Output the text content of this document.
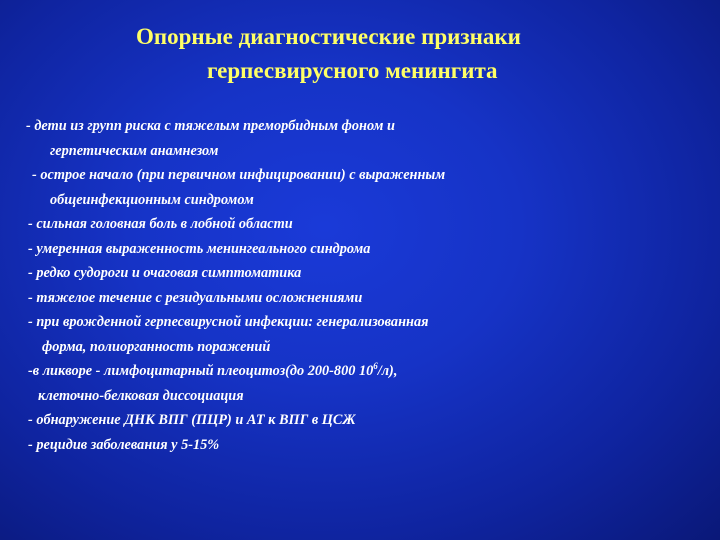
Опорные диагностические признаки
герпесвирусного менингита
- дети из групп риска с тяжелым преморбидным фоном и
герпетическим анамнезом
- острое начало (при первичном инфицировании) с выраженным
общеинфекционным синдромом
- сильная головная боль в лобной области
- умеренная выраженность менингеального синдрома
- редко судороги и очаговая симптоматика
- тяжелое течение с резидуальными осложнениями
- при врожденной герпесвирусной инфекции: генерализованная
форма, полиорганность поражений
-в ликворе - лимфоцитарный плеоцитоз(до 200-800 $10^6/л$),
клеточно-белковая диссоциация
- обнаружение ДНК ВПГ (ПЦР) и АТ к ВПГ в ЦСЖ
- рецидив заболевания у 5-15%
